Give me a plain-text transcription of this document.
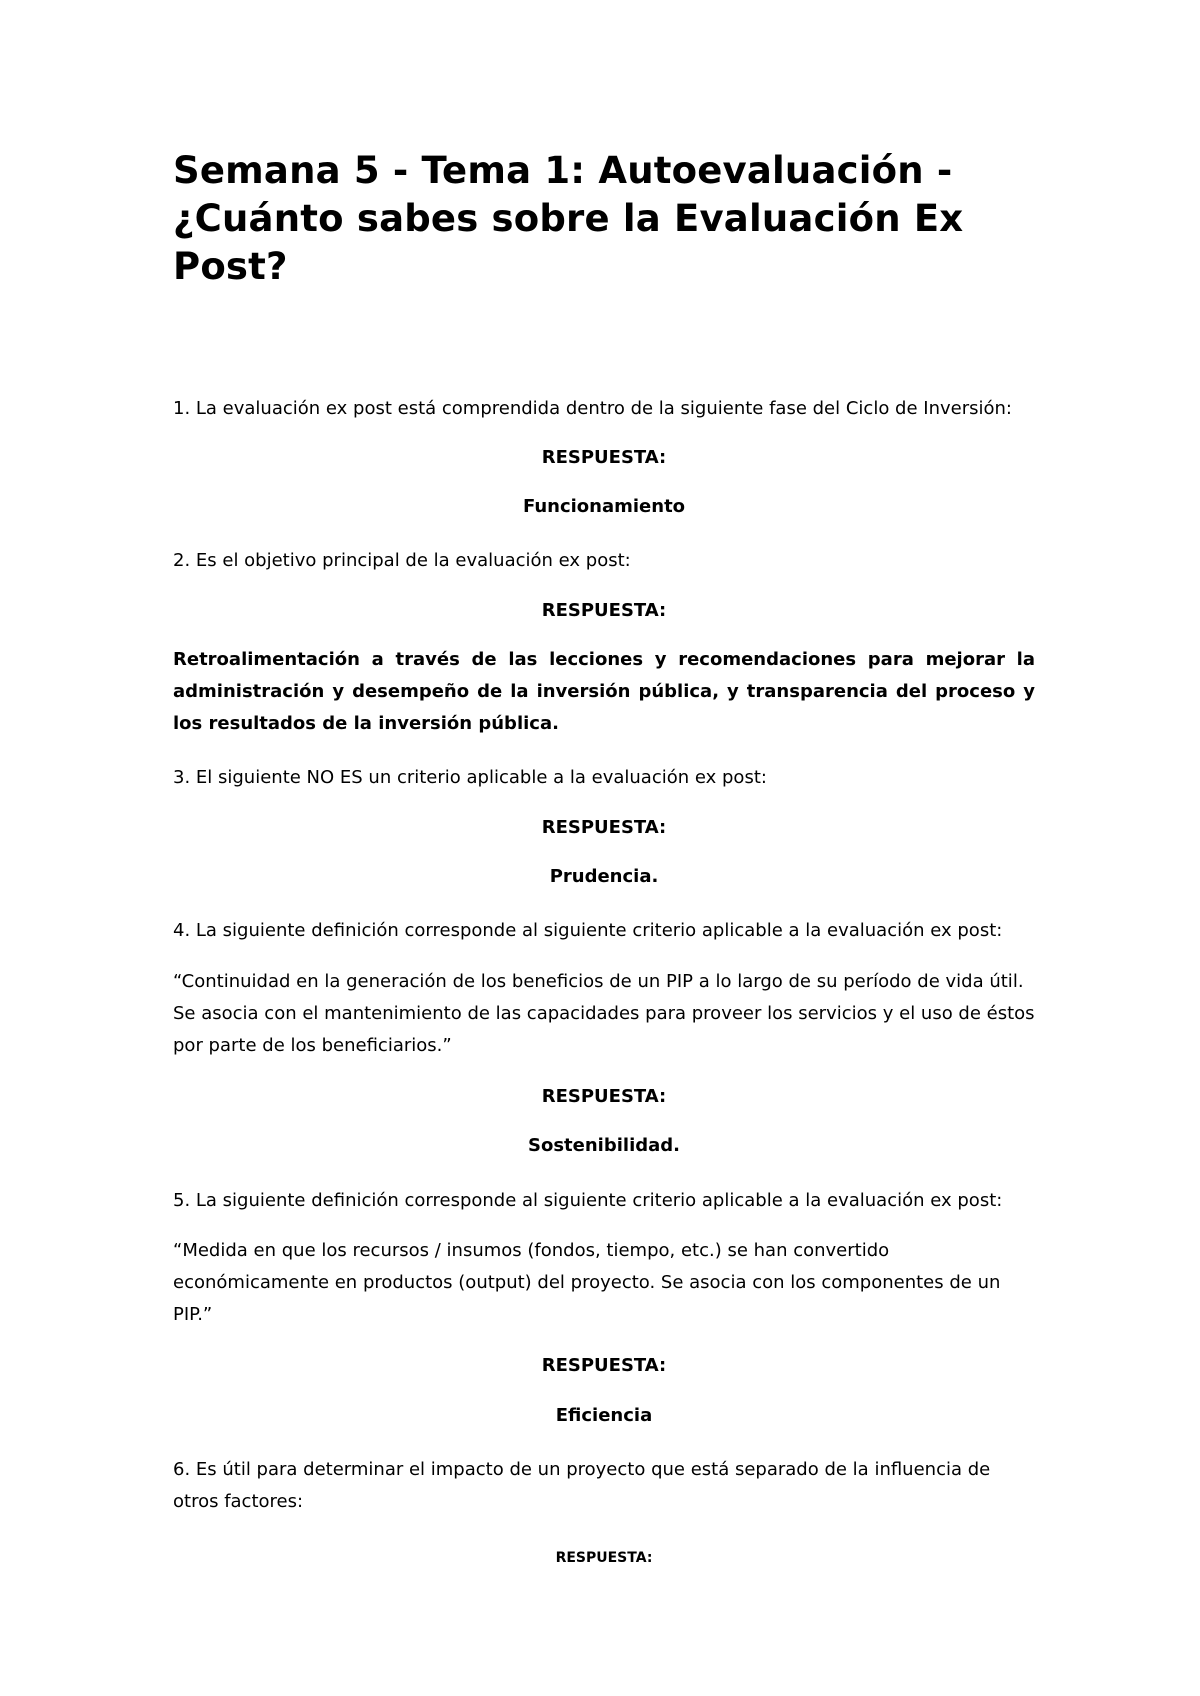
Semana 5 - Tema 1: Autoevaluación - ¿Cuánto sabes sobre la Evaluación Ex Post?

1. La evaluación ex post está comprendida dentro de la siguiente fase del Ciclo de Inversión:

RESPUESTA:

Funcionamiento

2. Es el objetivo principal de la evaluación ex post:

RESPUESTA:

Retroalimentación a través de las lecciones y recomendaciones para mejorar la administración y desempeño de la inversión pública, y transparencia del proceso y los resultados de la inversión pública.

3. El siguiente NO ES un criterio aplicable a la evaluación ex post:

RESPUESTA:

Prudencia.

4. La siguiente definición corresponde al siguiente criterio aplicable a la evaluación ex post:

“Continuidad en la generación de los beneficios de un PIP a lo largo de su período de vida útil. Se asocia con el mantenimiento de las capacidades para proveer los servicios y el uso de éstos por parte de los beneficiarios.”

RESPUESTA:

Sostenibilidad.

5. La siguiente definición corresponde al siguiente criterio aplicable a la evaluación ex post:

“Medida en que los recursos / insumos (fondos, tiempo, etc.) se han convertido económicamente en productos (output) del proyecto. Se asocia con los componentes de un PIP.”

RESPUESTA:

Eficiencia

6. Es útil para determinar el impacto de un proyecto que está separado de la influencia de otros factores:

RESPUESTA:
